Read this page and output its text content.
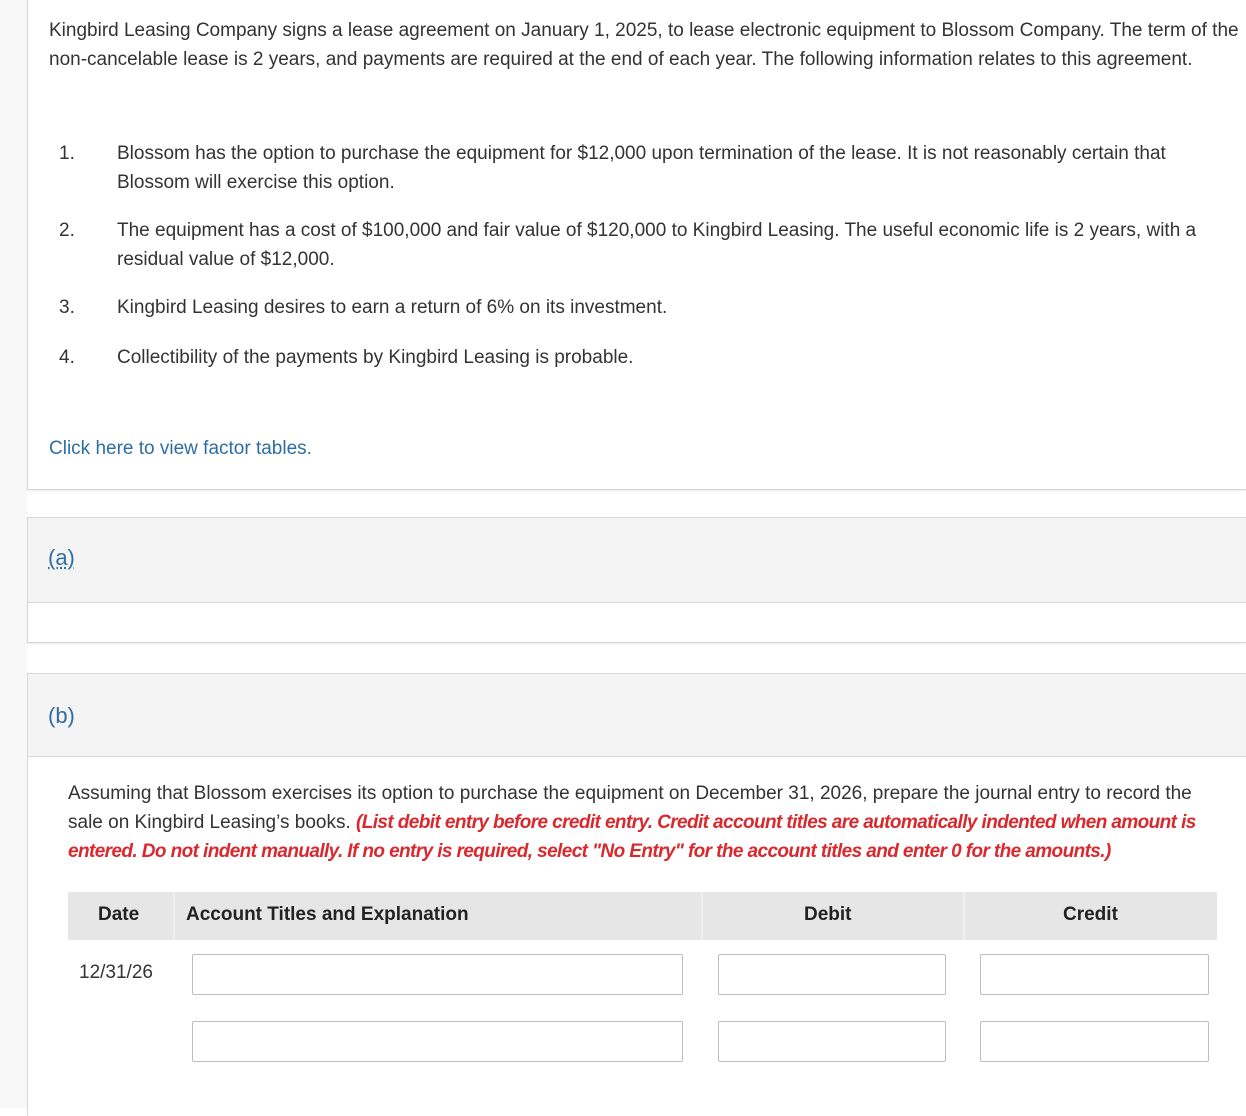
Kingbird Leasing Company signs a lease agreement on January 1, 2025, to lease electronic equipment to Blossom Company. The term of the non-cancelable lease is 2 years, and payments are required at the end of each year. The following information relates to this agreement.
1. Blossom has the option to purchase the equipment for $12,000 upon termination of the lease. It is not reasonably certain that Blossom will exercise this option.
2. The equipment has a cost of $100,000 and fair value of $120,000 to Kingbird Leasing. The useful economic life is 2 years, with a residual value of $12,000.
3. Kingbird Leasing desires to earn a return of 6% on its investment.
4. Collectibility of the payments by Kingbird Leasing is probable.
Click here to view factor tables.
(a)
(b)
Assuming that Blossom exercises its option to purchase the equipment on December 31, 2026, prepare the journal entry to record the sale on Kingbird Leasing’s books. (List debit entry before credit entry. Credit account titles are automatically indented when amount is entered. Do not indent manually. If no entry is required, select "No Entry" for the account titles and enter 0 for the amounts.)
Date Account Titles and Explanation	Debit	Credit
12/31/26
